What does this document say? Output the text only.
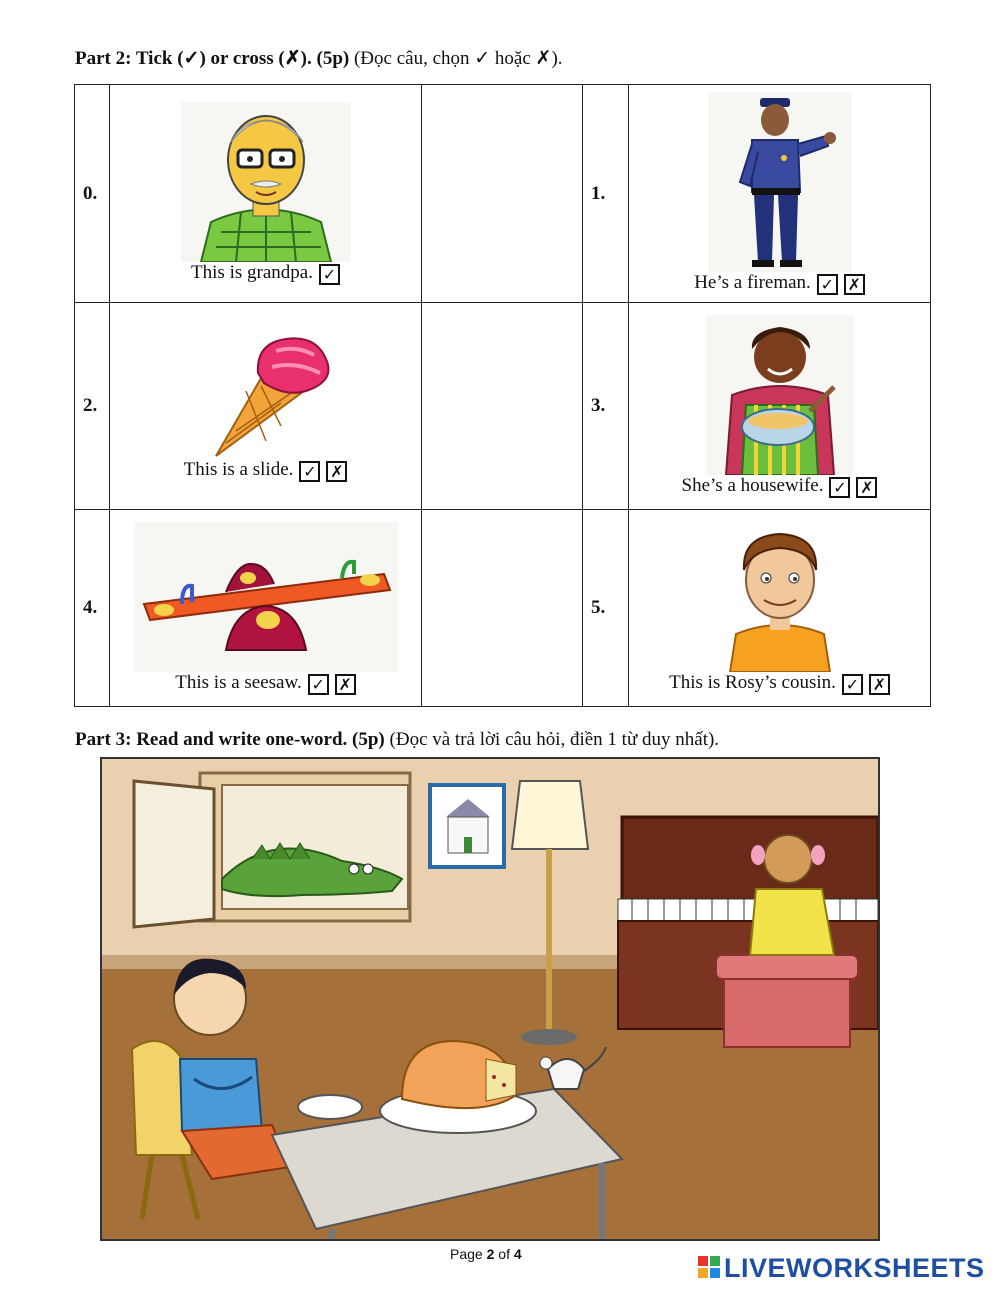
Part 2: Tick (✓) or cross (✗). (5p) (Đọc câu, chọn ✓ hoặc ✗).
0.	This is grandpa. ✓		1.	He’s a fireman. ✓ ✗

2.	This is a slide. ✓ ✗		3.	She’s a housewife. ✓ ✗

4.	This is a seesaw. ✓ ✗		5.	This is Rosy’s cousin. ✓ ✗
Part 3: Read and write one-word. (5p) (Đọc và trả lời câu hỏi, điền 1 từ duy nhất).
Page 2 of 4	LIVEWORKSHEETS
